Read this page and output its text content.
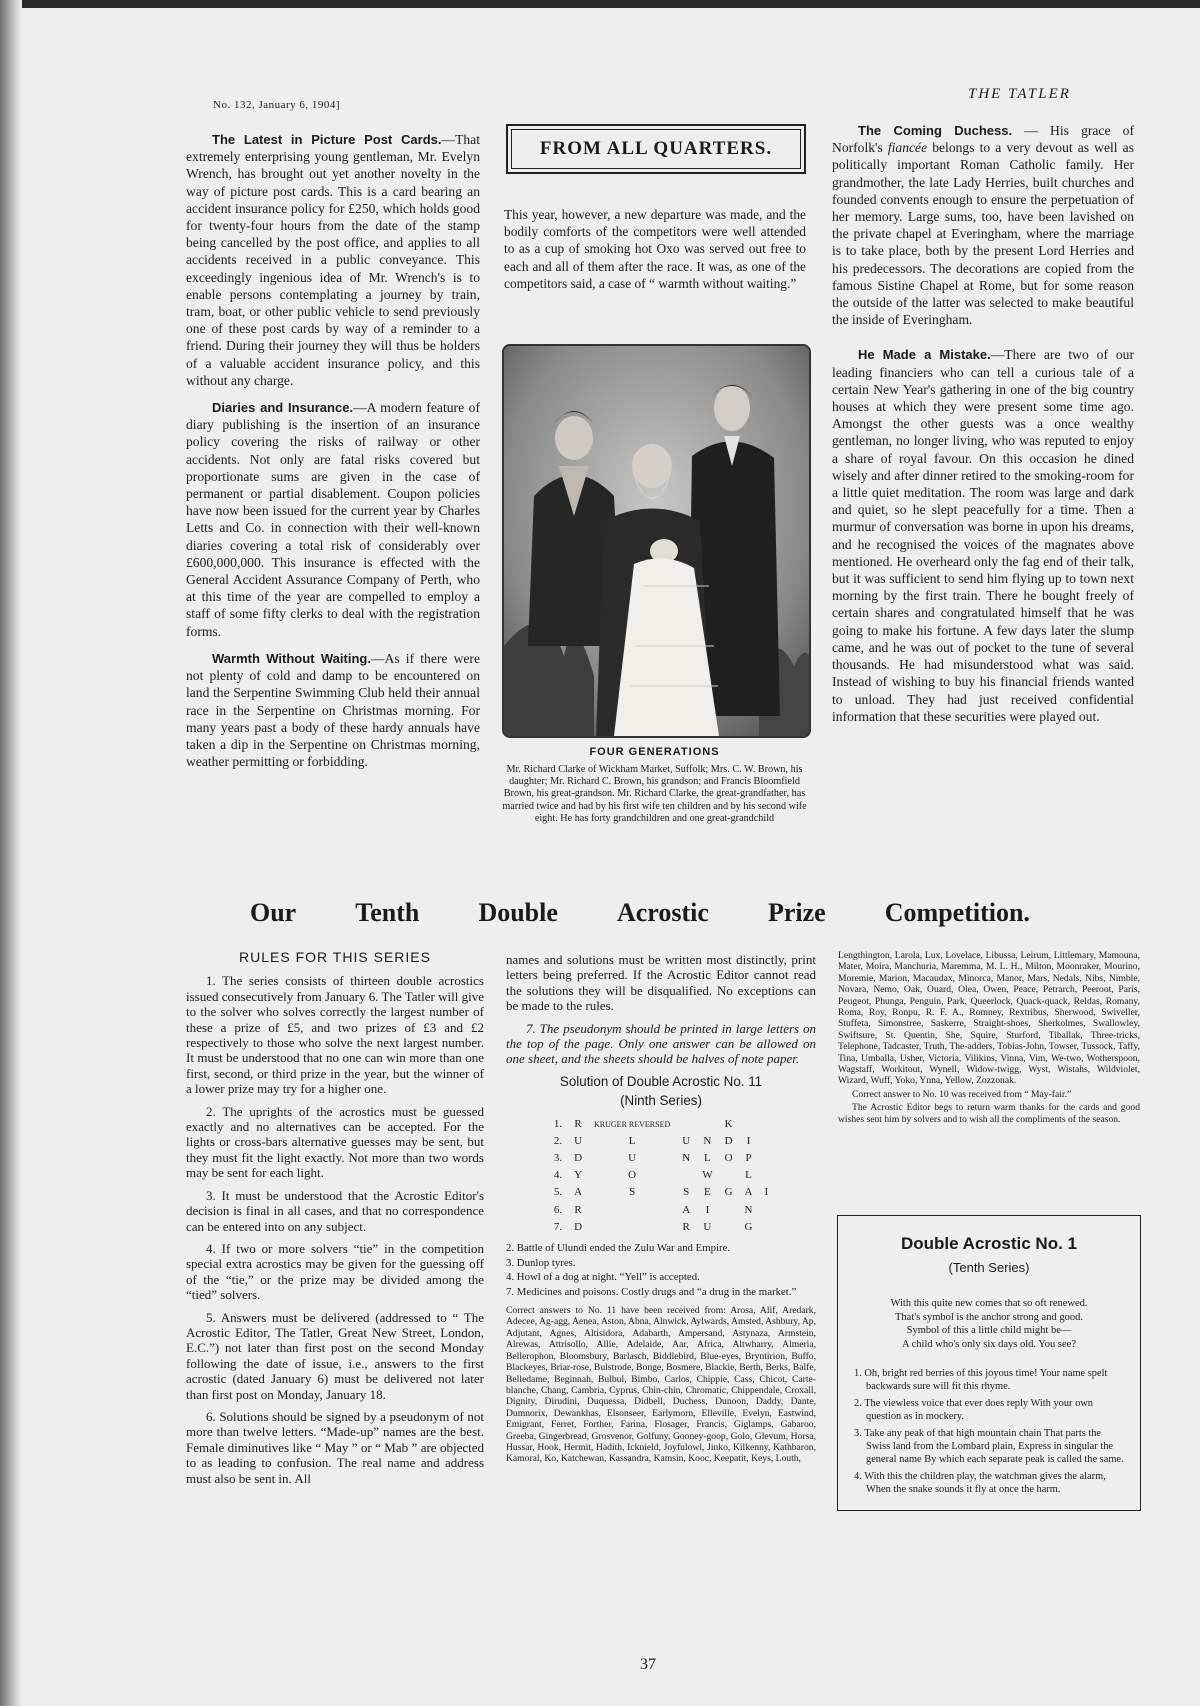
No. 132, January 6, 1904]
THE TATLER

The Latest in Picture Post Cards.—That extremely enterprising young gentleman, Mr. Evelyn Wrench, has brought out yet another novelty in the way of picture post cards. This is a card bearing an accident insurance policy for £250, which holds good for twenty-four hours from the date of the stamp being cancelled by the post office, and applies to all accidents received in a public conveyance. This exceedingly ingenious idea of Mr. Wrench's is to enable persons contemplating a journey by train, tram, boat, or other public vehicle to send previously one of these post cards by way of a reminder to a friend. During their journey they will thus be holders of a valuable accident insurance policy, and this without any charge.

Diaries and Insurance.—A modern feature of diary publishing is the insertion of an insurance policy covering the risks of railway or other accidents. Not only are fatal risks covered but proportionate sums are given in the case of permanent or partial disablement. Coupon policies have now been issued for the current year by Charles Letts and Co. in connection with their well-known diaries covering a total risk of considerably over £600,000,000. This insurance is effected with the General Accident Assurance Company of Perth, who at this time of the year are compelled to employ a staff of some fifty clerks to deal with the registration forms.

Warmth Without Waiting.—As if there were not plenty of cold and damp to be encountered on land the Serpentine Swimming Club held their annual race in the Serpentine on Christmas morning. For many years past a body of these hardy annuals have taken a dip in the Serpentine on Christmas morning, weather permitting or forbidding.

FROM ALL QUARTERS.

This year, however, a new departure was made, and the bodily comforts of the competitors were well attended to as a cup of smoking hot Oxo was served out free to each and all of them after the race. It was, as one of the competitors said, a case of “ warmth without waiting.”

FOUR GENERATIONS
Mr. Richard Clarke of Wickham Market, Suffolk; Mrs. C. W. Brown, his daughter; Mr. Richard C. Brown, his grandson; and Francis Bloomfield Brown, his great-grandson. Mr. Richard Clarke, the great-grandfather, has married twice and had by his first wife ten children and by his second wife eight. He has forty grandchildren and one great-grandchild

The Coming Duchess. — His grace of Norfolk's fiancée belongs to a very devout as well as politically important Roman Catholic family. Her grandmother, the late Lady Herries, built churches and founded convents enough to ensure the perpetuation of her memory. Large sums, too, have been lavished on the private chapel at Everingham, where the marriage is to take place, both by the present Lord Herries and his predecessors. The decorations are copied from the famous Sistine Chapel at Rome, but for some reason the outside of the latter was selected to make beautiful the inside of Everingham.

He Made a Mistake.—There are two of our leading financiers who can tell a curious tale of a certain New Year's gathering in one of the big country houses at which they were present some time ago. Amongst the other guests was a once wealthy gentleman, no longer living, who was reputed to enjoy a share of royal favour. On this occasion he dined wisely and after dinner retired to the smoking-room for a little quiet meditation. The room was large and dark and quiet, so he slept peacefully for a time. Then a murmur of conversation was borne in upon his dreams, and he recognised the voices of the magnates above mentioned. He overheard only the fag end of their talk, but it was sufficient to send him flying up to town next morning by the first train. There he bought freely of certain shares and congratulated himself that he was going to make his fortune. A few days later the slump came, and he was out of pocket to the tune of several thousands. He had misunderstood what was said. Instead of wishing to buy his financial friends wanted to unload. They had just received confidential information that these securities were played out.

Our Tenth Double Acrostic Prize Competition.
RULES FOR THIS SERIES

1. The series consists of thirteen double acrostics issued consecutively from January 6. The Tatler will give to the solver who solves correctly the largest number of these a prize of £5, and two prizes of £3 and £2 respectively to those who solve the next largest number. It must be understood that no one can win more than one first, second, or third prize in the year, but the winner of a lower prize may try for a higher one.

2. The uprights of the acrostics must be guessed exactly and no alternatives can be accepted. For the lights or cross-bars alternative guesses may be sent, but they must fit the light exactly. Not more than two words may be sent for each light.

3. It must be understood that the Acrostic Editor's decision is final in all cases, and that no correspondence can be entered into on any subject.

4. If two or more solvers “tie” in the competition special extra acrostics may be given for the guessing off of the “tie,” or the prize may be divided among the “tied” solvers.

5. Answers must be delivered (addressed to “ The Acrostic Editor, The Tatler, Great New Street, London, E.C.”) not later than first post on the second Monday following the date of issue, i.e., answers to the first acrostic (dated January 6) must be delivered not later than first post on Monday, January 18.

6. Solutions should be signed by a pseudonym of not more than twelve letters. “Made-up” names are the best. Female diminutives like “ May ” or “ Mab ” are objected to as leading to confusion. The real name and address must also be sent in. All

names and solutions must be written most distinctly, print letters being preferred. If the Acrostic Editor cannot read the solutions they will be disqualified. No exceptions can be made to the rules.

7. The pseudonym should be printed in large letters on the top of the page. Only one answer can be allowed on one sheet, and the sheets should be halves of note paper.

Solution of Double Acrostic No. 11
(Ninth Series)
1.	R	KRUGER REVERSED			K		
2.	U	L	U	N	D	I	
3.	D	U	N	L	O	P	
4.	Y	O		W		L	
5.	A	S	S	E	G	A	I
6.	R		A	I		N	
7.	D		R	U		G	
2. Battle of Ulundi ended the Zulu War and Empire.
3. Dunlop tyres.
4. Howl of a dog at night. “Yell” is accepted.
7. Medicines and poisons. Costly drugs and “a drug in the market.”
Correct answers to No. 11 have been received from: Arosa, Alif, Aredark, Adecee, Ag-agg, Aenea, Aston, Abna, Alnwick, Aylwards, Amsted, Ashbury, Ap, Adjutant, Agnes, Altisidora, Adabarth, Ampersand, Astynaza, Armstein, Alrewas, Attrisollo, Allie, Adelaide, Aar, Africa, Altwharry, Almeria, Bellerophon, Bloomsbury, Barlasch, Biddlebird, Blue-eyes, Bryntirion, Buffo, Blackeyes, Briar-rose, Bulstrode, Bonge, Bosmere, Blackie, Berth, Berks, Balfe, Belledame, Beginnah, Bulbul, Bimbo, Carlos, Chippie, Cass, Chicot, Carte-blanche, Chang, Cambria, Cyprus, Chin-chin, Chromatic, Chippendale, Croxall, Dignity, Dirudini, Duquessa, Didbell, Duchess, Dunoon, Daddy, Dante, Dumnorix, Dewankhas, Elsonseer, Earlymorn, Elleville, Evelyn, Eastwind, Emigrant, Ferret, Forther, Farina, Flosager, Francis, Giglamps, Gabaroo, Greeba, Gingerbread, Grosvenor, Golfuny, Gooney-goop, Golo, Glevum, Horsa, Hussar, Hook, Hermit, Hadith, Icknield, Joyfulowl, Jinko, Kilkenny, Kathbaron, Kamoral, Ko, Katchewan, Kassandra, Kamsin, Kooc, Keepatit, Keys, Louth,
Lengthington, Larola, Lux, Lovelace, Libussa, Leirum, Littlemary, Mamouna, Mater, Moira, Manchuria, Maremma, M. L. H., Milton, Moonraker, Mourino, Moremie, Marion, Macaudax, Minorca, Manor, Mars, Nedals, Nibs, Nimble, Novara, Nemo, Oak, Ouard, Olea, Owen, Peace, Petrarch, Peeroot, Paris, Peugeot, Phunga, Penguin, Park, Queerlock, Quack-quack, Reldas, Romany, Roma, Roy, Ronpu, R. F. A., Romney, Rextribus, Sherwood, Swiveller, Stuffeta, Simonstree, Saskerre, Straight-shoes, Sherkolmes, Swallowley, Swiftsure, St. Quentin, She, Squire, Sturford, Tiballak, Three-tricks, Telephone, Tadcaster, Truth, The-adders, Tobias-John, Towser, Tussock, Taffy, Tina, Umballa, Usher, Victoria, Vilikins, Vinna, Vim, We-two, Wotherspoon, Wagstaff, Workitout, Wynell, Widow-twigg, Wyst, Wistahs, Wildviolet, Wizard, Wuff, Yoko, Ynna, Yellow, Zozzonak.
Correct answer to No. 10 was received from “ May-fair.”
The Acrostic Editor begs to return warm thanks for the cards and good wishes sent him by solvers and to wish all the compliments of the season.
Double Acrostic No. 1
(Tenth Series)
With this quite new comes that so oft renewed.
That's symbol is the anchor strong and good.
Symbol of this a little child might be—
A child who's only six days old. You see?
1. Oh, bright red berries of this joyous time! Your name spelt backwards sure will fit this rhyme.
2. The viewless voice that ever does reply With your own question as in mockery.
3. Take any peak of that high mountain chain That parts the Swiss land from the Lombard plain, Express in singular the general name By which each separate peak is called the same.
4. With this the children play, the watchman gives the alarm, When the snake sounds it fly at once the harm.
37
